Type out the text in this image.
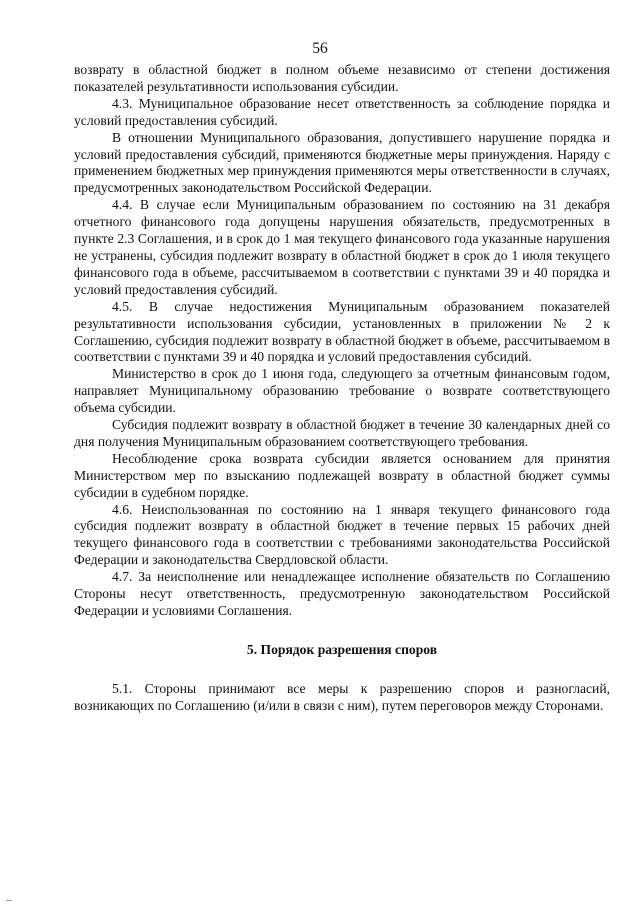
56

возврату в областной бюджет в полном объеме независимо от степени достижения показателей результативности использования субсидии.

4.3. Муниципальное образование несет ответственность за соблюдение порядка и условий предоставления субсидий.

В отношении Муниципального образования, допустившего нарушение порядка и условий предоставления субсидий, применяются бюджетные меры принуждения. Наряду с применением бюджетных мер принуждения применяются меры ответственности в случаях, предусмотренных законодательством Российской Федерации.

4.4. В случае если Муниципальным образованием по состоянию на 31 декабря отчетного финансового года допущены нарушения обязательств, предусмотренных в пункте 2.3 Соглашения, и в срок до 1 мая текущего финансового года указанные нарушения не устранены, субсидия подлежит возврату в областной бюджет в срок до 1 июля текущего финансового года в объеме, рассчитываемом в соответствии с пунктами 39 и 40 порядка и условий предоставления субсидий.

4.5. В случае недостижения Муниципальным образованием показателей результативности использования субсидии, установленных в приложении № 2 к Соглашению, субсидия подлежит возврату в областной бюджет в объеме, рассчитываемом в соответствии с пунктами 39 и 40 порядка и условий предоставления субсидий.

Министерство в срок до 1 июня года, следующего за отчетным финансовым годом, направляет Муниципальному образованию требование о возврате соответствующего объема субсидии.

Субсидия подлежит возврату в областной бюджет в течение 30 календарных дней со дня получения Муниципальным образованием соответствующего требования.

Несоблюдение срока возврата субсидии является основанием для принятия Министерством мер по взысканию подлежащей возврату в областной бюджет суммы субсидии в судебном порядке.

4.6. Неиспользованная по состоянию на 1 января текущего финансового года субсидия подлежит возврату в областной бюджет в течение первых 15 рабочих дней текущего финансового года в соответствии с требованиями законодательства Российской Федерации и законодательства Свердловской области.

4.7. За неисполнение или ненадлежащее исполнение обязательств по Соглашению Стороны несут ответственность, предусмотренную законодательством Российской Федерации и условиями Соглашения.

5. Порядок разрешения споров

5.1. Стороны принимают все меры к разрешению споров и разногласий, возникающих по Соглашению (и/или в связи с ним), путем переговоров между Сторонами.
